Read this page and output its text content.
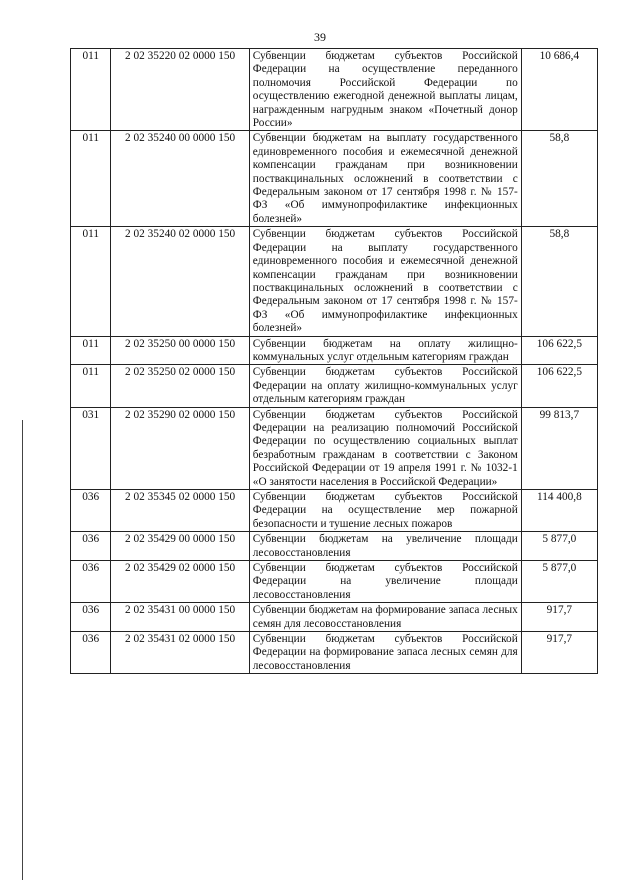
39
011	2 02 35220 02 0000 150	Субвенции бюджетам субъектов Российской Федерации на осуществление переданного полномочия Российской Федерации по осуществлению ежегодной денежной выплаты лицам, награжденным нагрудным знаком «Почетный донор России»	10 686,4
011	2 02 35240 00 0000 150	Субвенции бюджетам на выплату государственного единовременного пособия и ежемесячной денежной компенсации гражданам при возникновении поствакцинальных осложнений в соответствии с Федеральным законом от 17 сентября 1998 г. № 157-ФЗ «Об иммунопрофилактике инфекционных болезней»	58,8
011	2 02 35240 02 0000 150	Субвенции бюджетам субъектов Российской Федерации на выплату государственного единовременного пособия и ежемесячной денежной компенсации гражданам при возникновении поствакцинальных осложнений в соответствии с Федеральным законом от 17 сентября 1998 г. № 157-ФЗ «Об иммунопрофилактике инфекционных болезней»	58,8
011	2 02 35250 00 0000 150	Субвенции бюджетам на оплату жилищно-коммунальных услуг отдельным категориям граждан	106 622,5
011	2 02 35250 02 0000 150	Субвенции бюджетам субъектов Российской Федерации на оплату жилищно-коммунальных услуг отдельным категориям граждан	106 622,5
031	2 02 35290 02 0000 150	Субвенции бюджетам субъектов Российской Федерации на реализацию полномочий Российской Федерации по осуществлению социальных выплат безработным гражданам в соответствии с Законом Российской Федерации от 19 апреля 1991 г. № 1032-1 «О занятости населения в Российской Федерации»	99 813,7
036	2 02 35345 02 0000 150	Субвенции бюджетам субъектов Российской Федерации на осуществление мер пожарной безопасности и тушение лесных пожаров	114 400,8
036	2 02 35429 00 0000 150	Субвенции бюджетам на увеличение площади лесовосстановления	5 877,0
036	2 02 35429 02 0000 150	Субвенции бюджетам субъектов Российской Федерации на увеличение площади лесовосстановления	5 877,0
036	2 02 35431 00 0000 150	Субвенции бюджетам на формирование запаса лесных семян для лесовосстановления	917,7
036	2 02 35431 02 0000 150	Субвенции бюджетам субъектов Российской Федерации на формирование запаса лесных семян для лесовосстановления	917,7
